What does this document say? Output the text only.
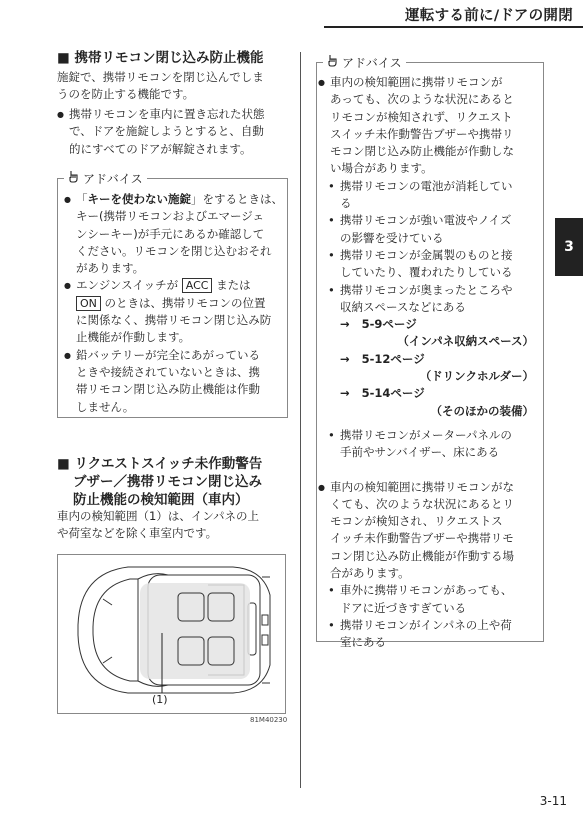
運転する前に/ドアの開閉
■ 携帯リモコン閉じ込み防止機能
施錠で、携帯リモコンを閉じ込んでしま
うのを防止する機能です。
● 携帯リモコンを車内に置き忘れた状態
で、ドアを施錠しようとすると、自動
的にすべてのドアが解錠されます。
アドバイス
● 「キーを使わない施錠」をするときは、
キー(携帯リモコンおよびエマージェ
ンシーキー)が手元にあるか確認して
ください。リモコンを閉じ込むおそれ
があります。
● エンジンスイッチが ACC または
ON のときは、携帯リモコンの位置
に関係なく、携帯リモコン閉じ込み防
止機能が作動します。
● 鉛バッテリーが完全にあがっている
ときや接続されていないときは、携
帯リモコン閉じ込み防止機能は作動
しません。
■ リクエストスイッチ未作動警告
ブザー／携帯リモコン閉じ込み
防止機能の検知範囲（車内）
車内の検知範囲（1）は、インパネの上
や荷室などを除く車室内です。
(1)
81M40230
アドバイス
● 車内の検知範囲に携帯リモコンが
あっても、次のような状況にあると
リモコンが検知されず、リクエスト
スイッチ未作動警告ブザーや携帯リ
モコン閉じ込み防止機能が作動しな
い場合があります。
• 携帯リモコンの電池が消耗してい
る
• 携帯リモコンが強い電波やノイズ
の影響を受けている
• 携帯リモコンが金属製のものと接
していたり、覆われたりしている
• 携帯リモコンが奥まったところや
収納スペースなどにある
→ 5-9ページ
（インパネ収納スペース）
→ 5-12ページ
（ドリンクホルダー）
→ 5-14ページ
（そのほかの装備）
• 携帯リモコンがメーターパネルの
手前やサンバイザー、床にある
● 車内の検知範囲に携帯リモコンがな
くても、次のような状況にあるとリ
モコンが検知され、リクエストス
イッチ未作動警告ブザーや携帯リモ
コン閉じ込み防止機能が作動する場
合があります。
• 車外に携帯リモコンがあっても、
ドアに近づきすぎている
• 携帯リモコンがインパネの上や荷
室にある
3
3-11
